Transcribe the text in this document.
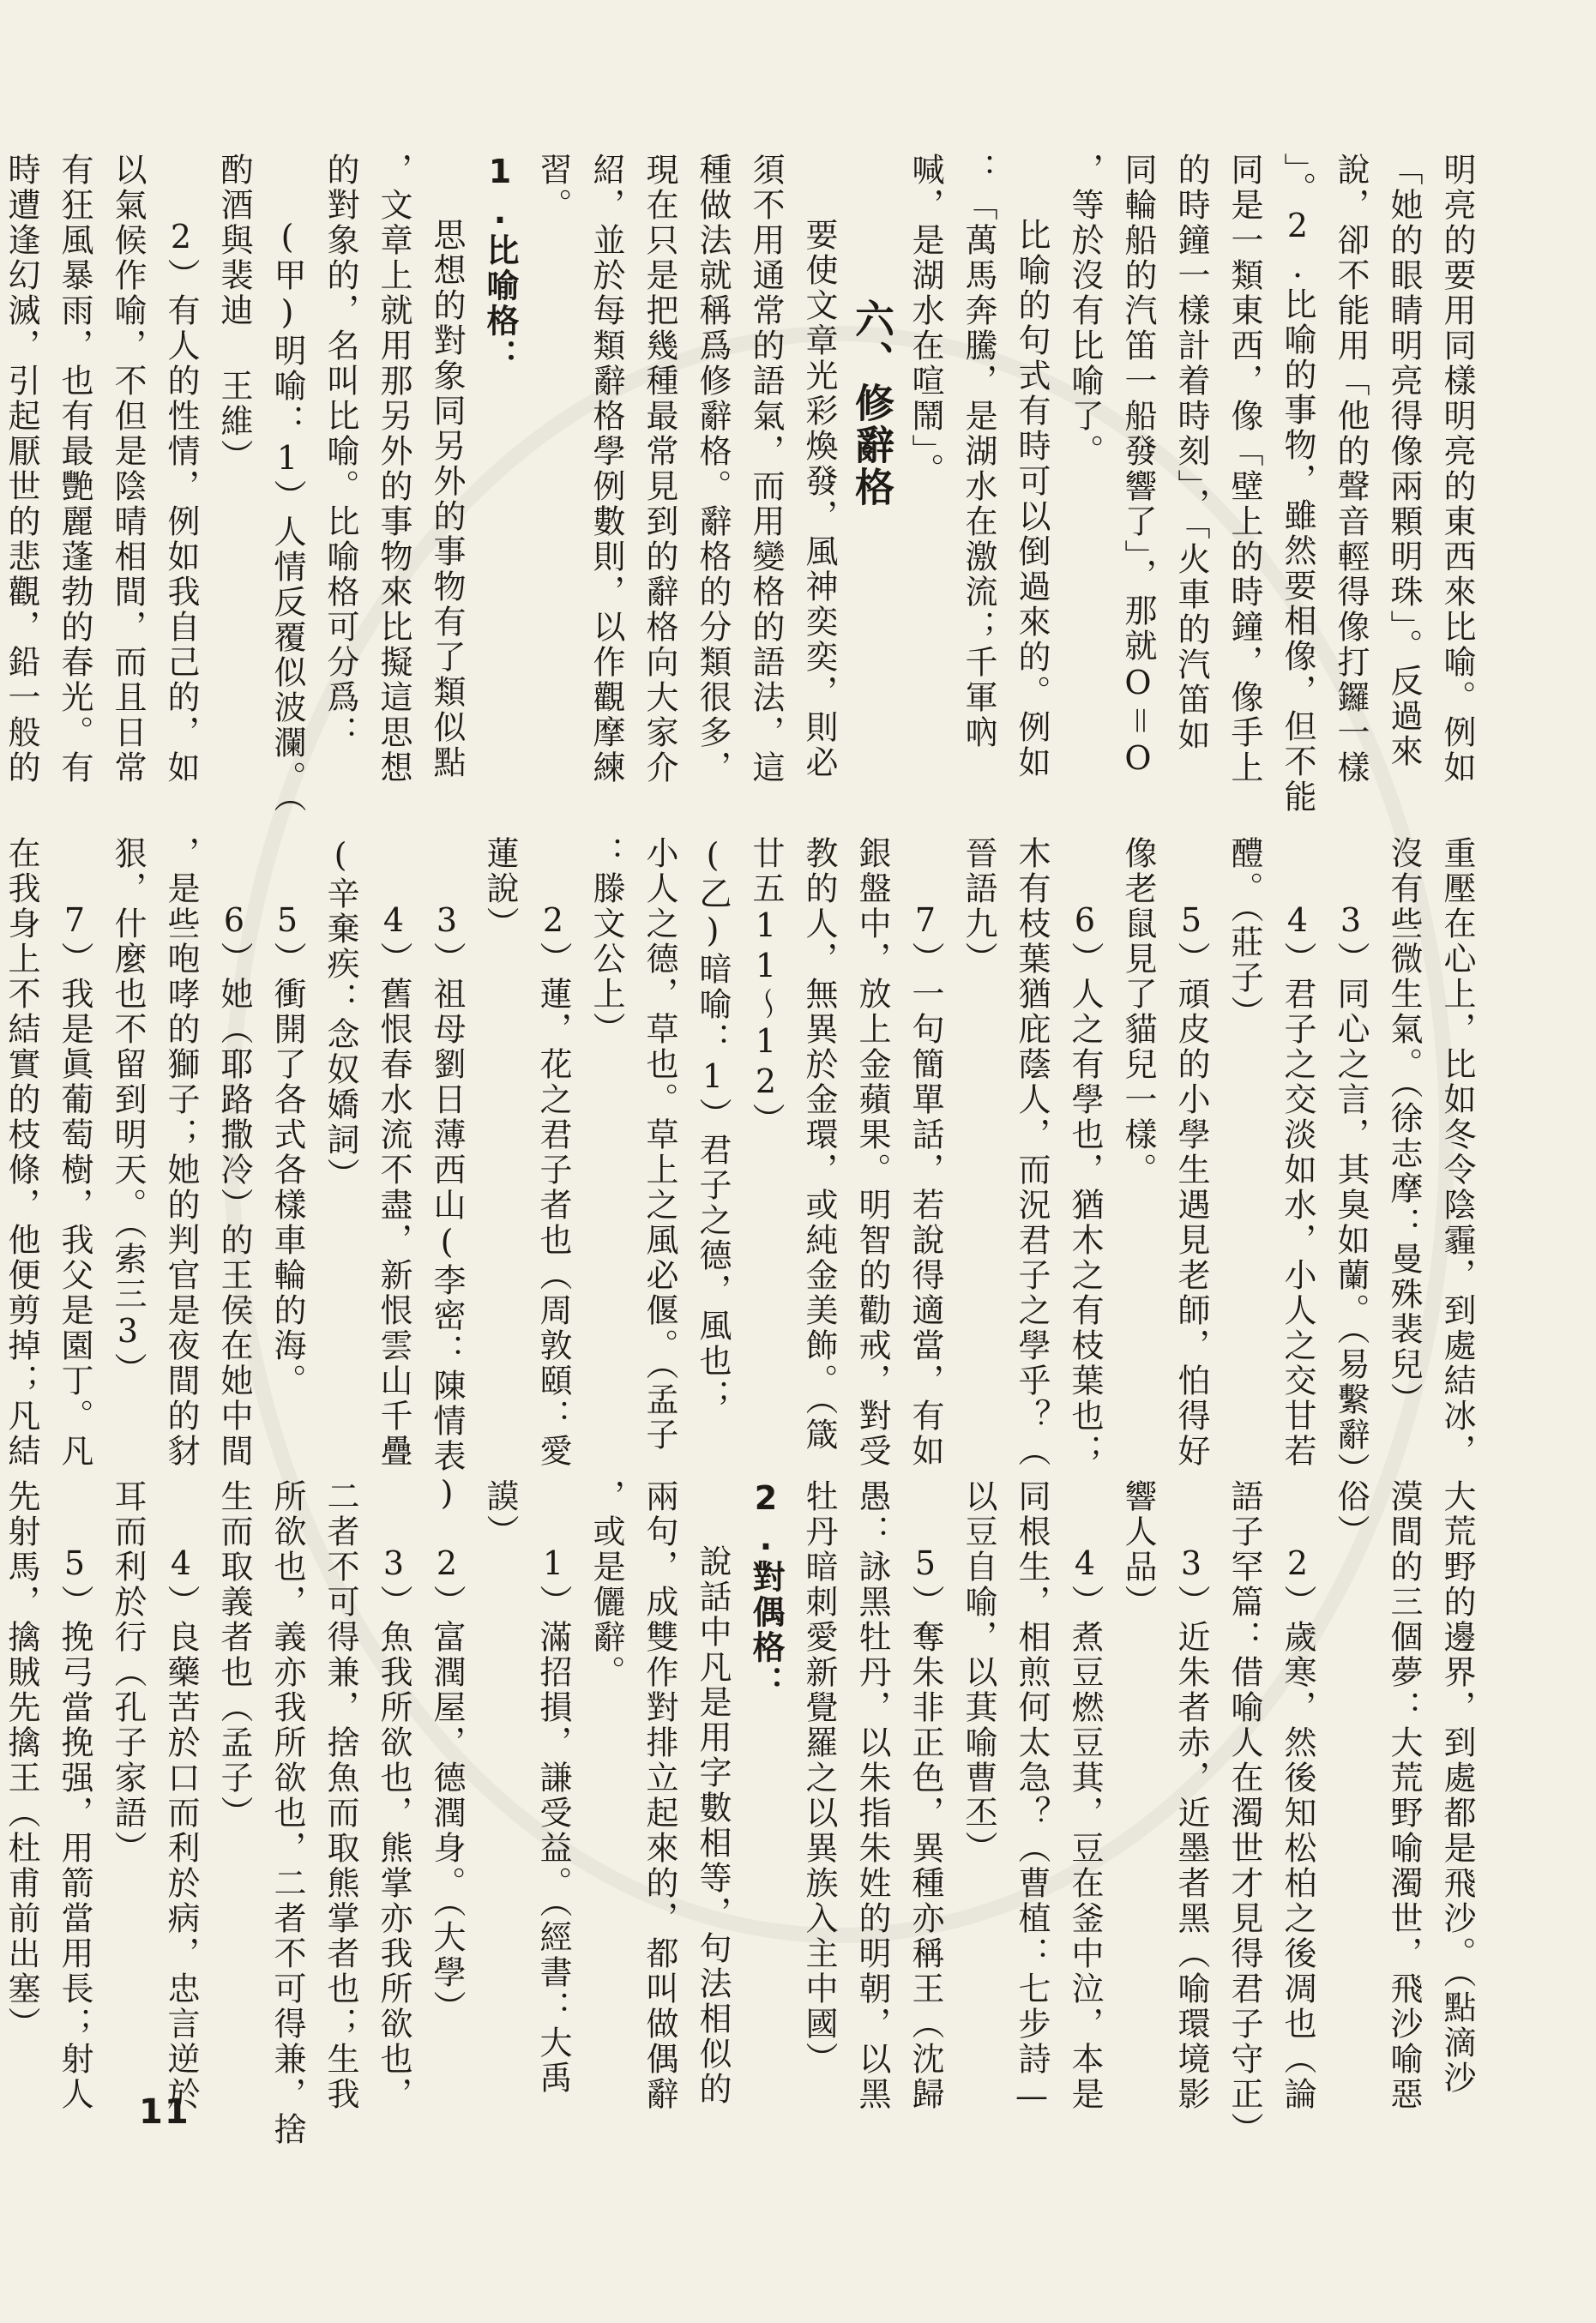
明亮的要用同樣明亮的東西來比喻。例如
「她的眼睛明亮得像兩顆明珠」。反過來
說，卻不能用「他的聲音輕得像打鑼一樣
」。2.比喻的事物，雖然要相像，但不能
同是一類東西，像「壁上的時鐘，像手上
的時鐘一樣計着時刻」，「火車的汽笛如
同輪船的汽笛一船發響了」，那就O＝O
，等於沒有比喻了。
比喻的句式有時可以倒過來的。例如
：「萬馬奔騰，是湖水在激流；千軍吶
喊，是湖水在喧鬧」。
六、修辭格
要使文章光彩煥發，風神奕奕，則必
須不用通常的語氣，而用變格的語法，這
種做法就稱爲修辭格。辭格的分類很多，
現在只是把幾種最常見到的辭格向大家介
紹，並於每類辭格學例數則，以作觀摩練
習。
1.比喻格：
思想的對象同另外的事物有了類似點
，文章上就用那另外的事物來比擬這思想
的對象的，名叫比喻。比喻格可分爲：
(甲)明喻：1）人情反覆似波瀾。（
酌酒與裴迪 王維）
2）有人的性情，例如我自己的，如
以氣候作喻，不但是陰晴相間，而且日常
有狂風暴雨，也有最艷麗蓬勃的春光。有
時遭逢幻滅，引起厭世的悲觀，鉛一般的
重壓在心上，比如冬令陰霾，到處結冰，
沒有些微生氣。（徐志摩：曼殊裴兒）
3）同心之言，其臭如蘭。（易繫辭）
4）君子之交淡如水，小人之交甘若
醴。（莊子）
5）頑皮的小學生遇見老師，怕得好
像老鼠見了貓兒一樣。
6）人之有學也，猶木之有枝葉也；
木有枝葉猶庇蔭人，而況君子之學乎？（
晉語九）
7）一句簡單話，若說得適當，有如
銀盤中，放上金蘋果。明智的勸戒，對受
教的人，無異於金環，或純金美飾。（箴
廿五11～12）
(乙)暗喻：1）君子之德，風也；
小人之德，草也。草上之風必偃。（孟子
：滕文公上）
2）蓮，花之君子者也（周敦頤：愛
蓮說）
3）祖母劉日薄西山(李密：陳情表)
4）舊恨春水流不盡，新恨雲山千疊
(辛棄疾：念奴嬌詞）
5）衝開了各式各樣車輪的海。
6）她（耶路撒冷）的王侯在她中間
，是些咆哮的獅子；她的判官是夜間的豺
狠，什麼也不留到明天。（索三3）
7）我是眞葡萄樹，我父是園丁。凡
在我身上不結實的枝條，他便剪掉；凡結
大荒野的邊界，到處都是飛沙。（點滴沙
漠間的三個夢：大荒野喻濁世，飛沙喻惡
俗）
2）歲寒，然後知松柏之後凋也（論
語子罕篇：借喻人在濁世才見得君子守正）
3）近朱者赤，近墨者黑（喻環境影
響人品）
4）煮豆燃豆萁，豆在釜中泣，本是
同根生，相煎何太急？（曹植：七步詩—
以豆自喻，以萁喻曹丕）
5）奪朱非正色，異種亦稱王（沈歸
愚：詠黑牡丹，以朱指朱姓的明朝，以黑
牡丹暗刺愛新覺羅之以異族入主中國）
2.對偶格：
說話中凡是用字數相等，句法相似的
兩句，成雙作對排立起來的，都叫做偶辭
，或是儷辭。
1）滿招損，謙受益。（經書：大禹
謨）
2）富潤屋，德潤身。（大學）
3）魚我所欲也，熊掌亦我所欲也，
二者不可得兼，捨魚而取熊掌者也；生我
所欲也，義亦我所欲也，二者不可得兼，捨
生而取義者也（孟子）
4）良藥苦於口而利於病，忠言逆於
耳而利於行（孔子家語）
5）挽弓當挽强，用箭當用長；射人
先射馬，擒賊先擒王（杜甫前出塞）
11
